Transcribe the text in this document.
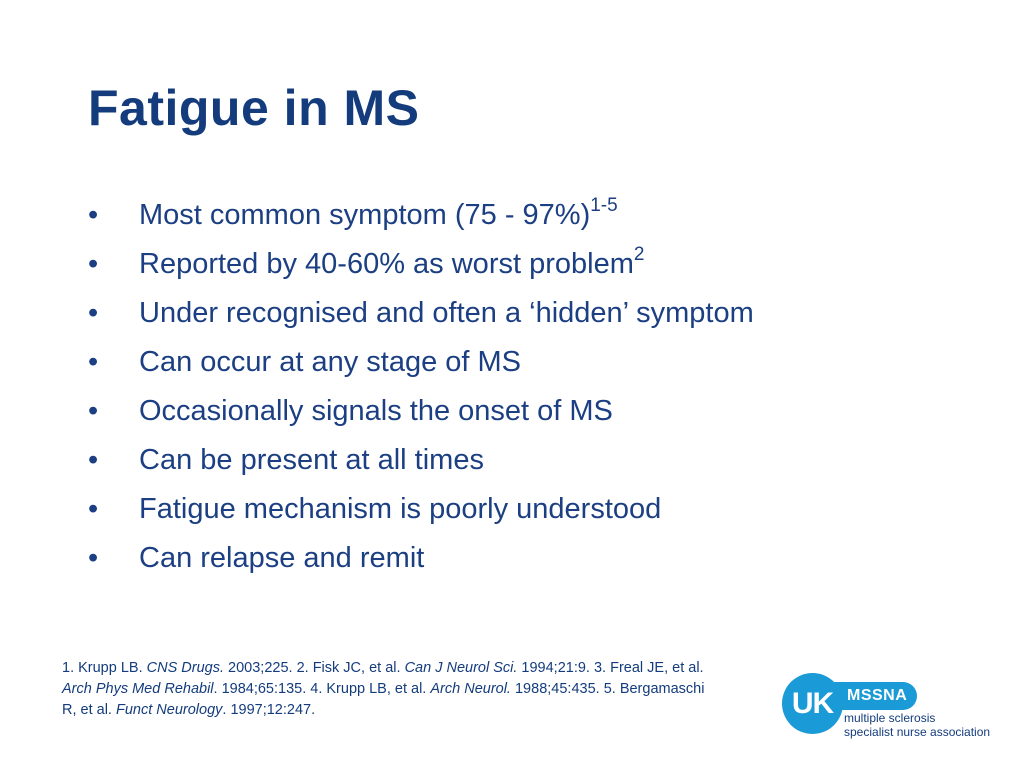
Fatigue in MS
•	Most common symptom (75 - 97%)$^{1-5}$
•	Reported by 40-60% as worst problem$^2$
•	Under recognised and often a ‘hidden’ symptom
•	Can occur at any stage of MS
•	Occasionally signals the onset of MS
•	Can be present at all times
•	Fatigue mechanism is poorly understood
•	Can relapse and remit

1. Krupp LB. CNS Drugs. 2003;225. 2. Fisk JC, et al. Can J Neurol Sci. 1994;21:9. 3. Freal JE, et al. Arch Phys Med Rehabil. 1984;65:135. 4. Krupp LB, et al. Arch Neurol. 1988;45:435. 5. Bergamaschi R, et al. Funct Neurology. 1997;12:247.

MSSNA
UK multiple sclerosis
specialist nurse association
